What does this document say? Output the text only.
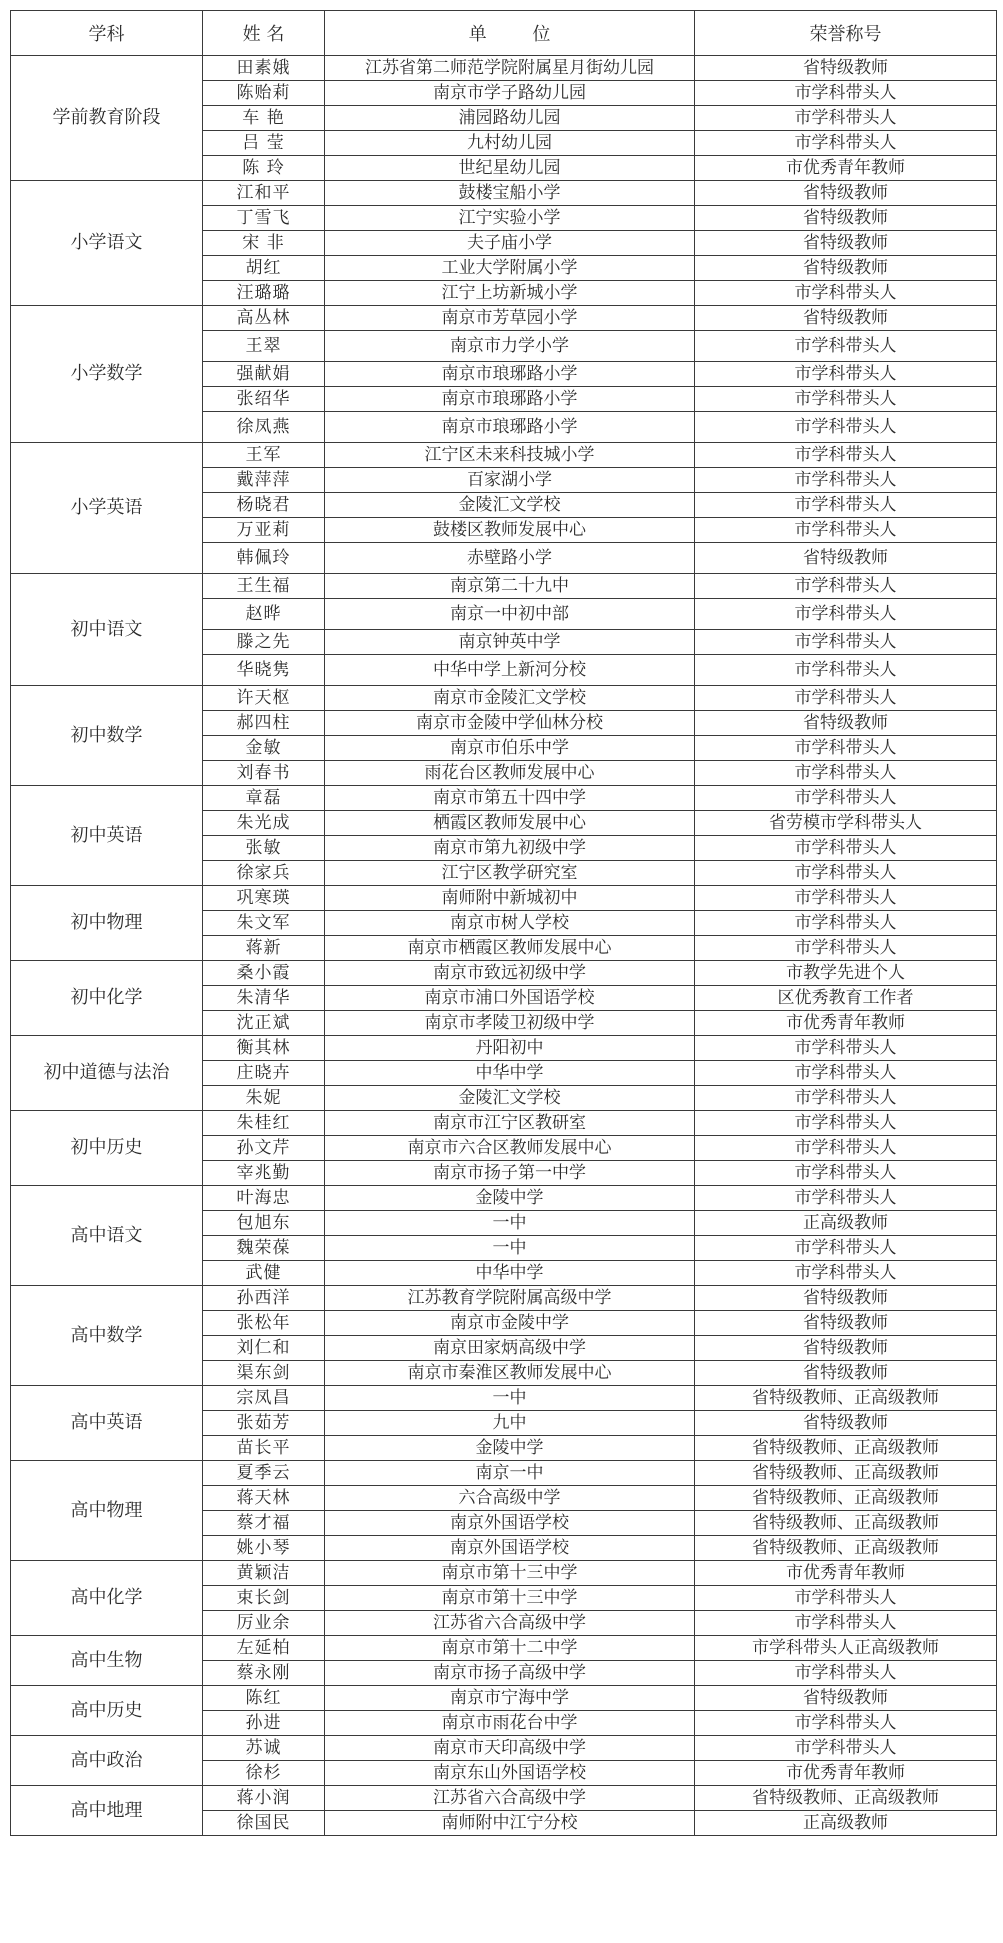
学科	姓 名	单 位	荣誉称号
学前教育阶段	田素娥	江苏省第二师范学院附属星月街幼儿园	省特级教师
	陈贻莉	南京市学子路幼儿园	市学科带头人
	车 艳	浦园路幼儿园	市学科带头人
	吕 莹	九村幼儿园	市学科带头人
	陈 玲	世纪星幼儿园	市优秀青年教师
小学语文	江和平	鼓楼宝船小学	省特级教师
	丁雪飞	江宁实验小学	省特级教师
	宋 非	夫子庙小学	省特级教师
	胡红	工业大学附属小学	省特级教师
	汪璐璐	江宁上坊新城小学	市学科带头人
小学数学	高丛林	南京市芳草园小学	省特级教师
	王翠	南京市力学小学	市学科带头人
	强献娟	南京市琅琊路小学	市学科带头人
	张绍华	南京市琅琊路小学	市学科带头人
	徐凤燕	南京市琅琊路小学	市学科带头人
小学英语	王军	江宁区未来科技城小学	市学科带头人
	戴萍萍	百家湖小学	市学科带头人
	杨晓君	金陵汇文学校	市学科带头人
	万亚莉	鼓楼区教师发展中心	市学科带头人
	韩佩玲	赤壁路小学	省特级教师
初中语文	王生福	南京第二十九中	市学科带头人
	赵晔	南京一中初中部	市学科带头人
	滕之先	南京钟英中学	市学科带头人
	华晓隽	中华中学上新河分校	市学科带头人
初中数学	许天枢	南京市金陵汇文学校	市学科带头人
	郝四柱	南京市金陵中学仙林分校	省特级教师
	金敏	南京市伯乐中学	市学科带头人
	刘春书	雨花台区教师发展中心	市学科带头人
初中英语	章磊	南京市第五十四中学	市学科带头人
	朱光成	栖霞区教师发展中心	省劳模市学科带头人
	张敏	南京市第九初级中学	市学科带头人
	徐家兵	江宁区教学研究室	市学科带头人
初中物理	巩寒瑛	南师附中新城初中	市学科带头人
	朱文军	南京市树人学校	市学科带头人
	蒋新	南京市栖霞区教师发展中心	市学科带头人
初中化学	桑小霞	南京市致远初级中学	市教学先进个人
	朱清华	南京市浦口外国语学校	区优秀教育工作者
	沈正斌	南京市孝陵卫初级中学	市优秀青年教师
初中道德与法治	衡其林	丹阳初中	市学科带头人
	庄晓卉	中华中学	市学科带头人
	朱妮	金陵汇文学校	市学科带头人
初中历史	朱桂红	南京市江宁区教研室	市学科带头人
	孙文芹	南京市六合区教师发展中心	市学科带头人
	宰兆勤	南京市扬子第一中学	市学科带头人
高中语文	叶海忠	金陵中学	市学科带头人
	包旭东	一中	正高级教师
	魏荣葆	一中	市学科带头人
	武健	中华中学	市学科带头人
高中数学	孙西洋	江苏教育学院附属高级中学	省特级教师
	张松年	南京市金陵中学	省特级教师
	刘仁和	南京田家炳高级中学	省特级教师
	渠东剑	南京市秦淮区教师发展中心	省特级教师
高中英语	宗凤昌	一中	省特级教师、正高级教师
	张茹芳	九中	省特级教师
	苗长平	金陵中学	省特级教师、正高级教师
高中物理	夏季云	南京一中	省特级教师、正高级教师
	蒋天林	六合高级中学	省特级教师、正高级教师
	蔡才福	南京外国语学校	省特级教师、正高级教师
	姚小琴	南京外国语学校	省特级教师、正高级教师
高中化学	黄颖洁	南京市第十三中学	市优秀青年教师
	束长剑	南京市第十三中学	市学科带头人
	厉业余	江苏省六合高级中学	市学科带头人
高中生物	左延柏	南京市第十二中学	市学科带头人正高级教师
	蔡永刚	南京市扬子高级中学	市学科带头人
高中历史	陈红	南京市宁海中学	省特级教师
	孙进	南京市雨花台中学	市学科带头人
高中政治	苏诚	南京市天印高级中学	市学科带头人
	徐杉	南京东山外国语学校	市优秀青年教师
高中地理	蒋小润	江苏省六合高级中学	省特级教师、正高级教师
	徐国民	南师附中江宁分校	正高级教师
